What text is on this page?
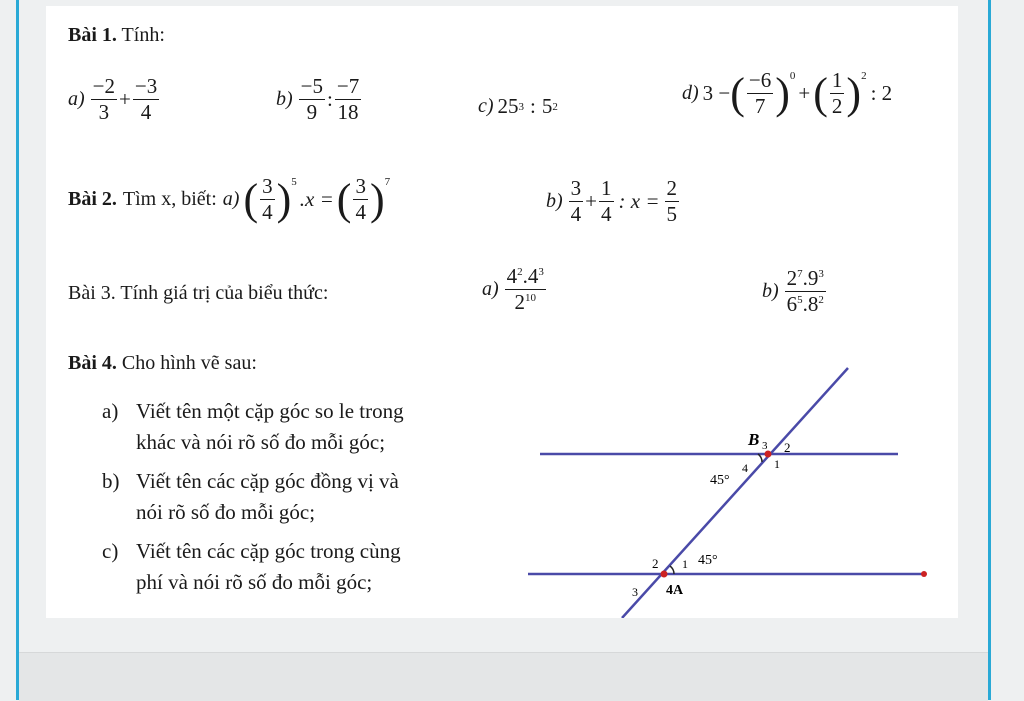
Bài 1. Tính:
$a) \frac{-2}{3} + \frac{-3}{4}$	$b) \frac{-5}{9}$ : $\frac{-7}{18}$	c) 25 3 : 5 2
d) 3 − ( $\frac{-6}{7} )^0$
+ ( $\frac{1}{2} )^2$
: 2
Bài 2. Tìm x, biết: a) ( $\frac{3}{4} )^5$
.x = ( $\frac{3}{4} )^7$
$b) \frac{3}{4} + \frac{1}{4}$ : $x = \frac{2}{5}$
Bài 3. Tính giá trị của biểu thức:	$a) \frac{4^2.4^3}{2^{10}}$	$b) \frac{2^7.9^3}{6^5.8^2}$
Bài 4. Cho hình vẽ sau:
a) Viết tên một cặp góc so le trong
khác và nói rõ số đo mỗi góc;
b) Viết tên các cặp góc đồng vị và
nói rõ số đo mỗi góc;
c) Viết tên các cặp góc trong cùng
phí và nói rõ số đo mỗi góc;
B 3 2
4 1
45°
2 1 45°
3 4A
